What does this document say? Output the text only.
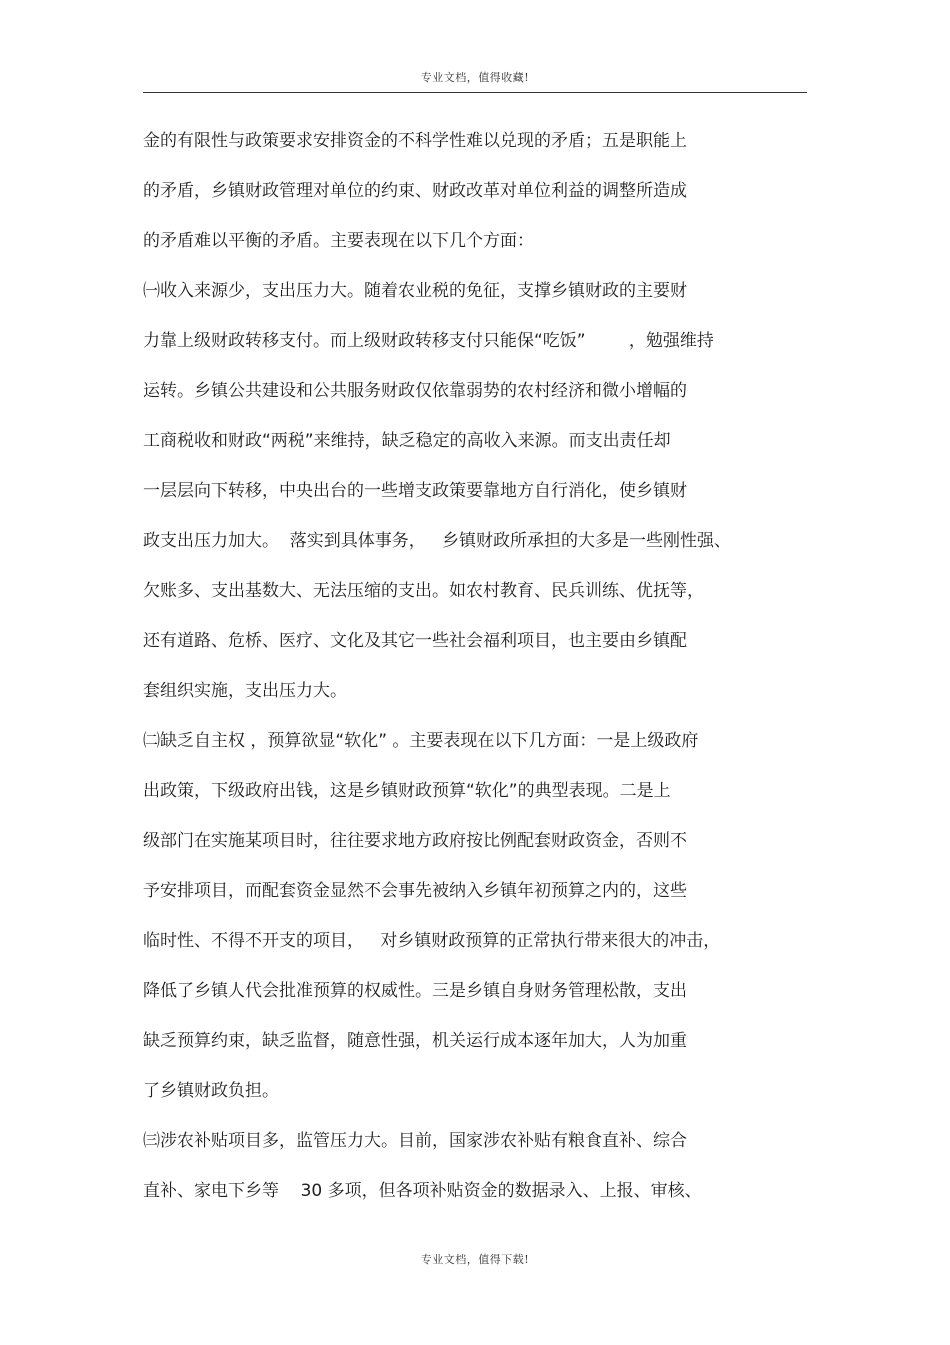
专业文档，值得收藏!
金的有限性与政策要求安排资金的不科学性难以兑现的矛盾；五是职能上
的矛盾，乡镇财政管理对单位的约束、财政改革对单位利益的调整所造成
的矛盾难以平衡的矛盾。主要表现在以下几个方面：
㈠收入来源少，支出压力大。随着农业税的免征，支撑乡镇财政的主要财
力靠上级财政转移支付。而上级财政转移支付只能保“吃饭”        ，勉强维持
运转。乡镇公共建设和公共服务财政仅依靠弱势的农村经济和微小增幅的
工商税收和财政“两税”来维持，缺乏稳定的高收入来源。而支出责任却
一层层向下转移，中央出台的一些增支政策要靠地方自行消化，使乡镇财
政支出压力加大。  落实到具体事务，   乡镇财政所承担的大多是一些刚性强、
欠账多、支出基数大、无法压缩的支出。如农村教育、民兵训练、优抚等，
还有道路、危桥、医疗、文化及其它一些社会福利项目，也主要由乡镇配
套组织实施，支出压力大。
㈡缺乏自主权 ，预算欲显“软化” 。主要表现在以下几方面：一是上级政府
出政策，下级政府出钱，这是乡镇财政预算“软化”的典型表现。二是上
级部门在实施某项目时，往往要求地方政府按比例配套财政资金，否则不
予安排项目，而配套资金显然不会事先被纳入乡镇年初预算之内的，这些
临时性、不得不开支的项目，   对乡镇财政预算的正常执行带来很大的冲击，
降低了乡镇人代会批准预算的权威性。三是乡镇自身财务管理松散，支出
缺乏预算约束，缺乏监督，随意性强，机关运行成本逐年加大，人为加重
了乡镇财政负担。
㈢涉农补贴项目多，监管压力大。目前，国家涉农补贴有粮食直补、综合
直补、家电下乡等    30 多项，但各项补贴资金的数据录入、上报、审核、
专业文档，值得下载!
